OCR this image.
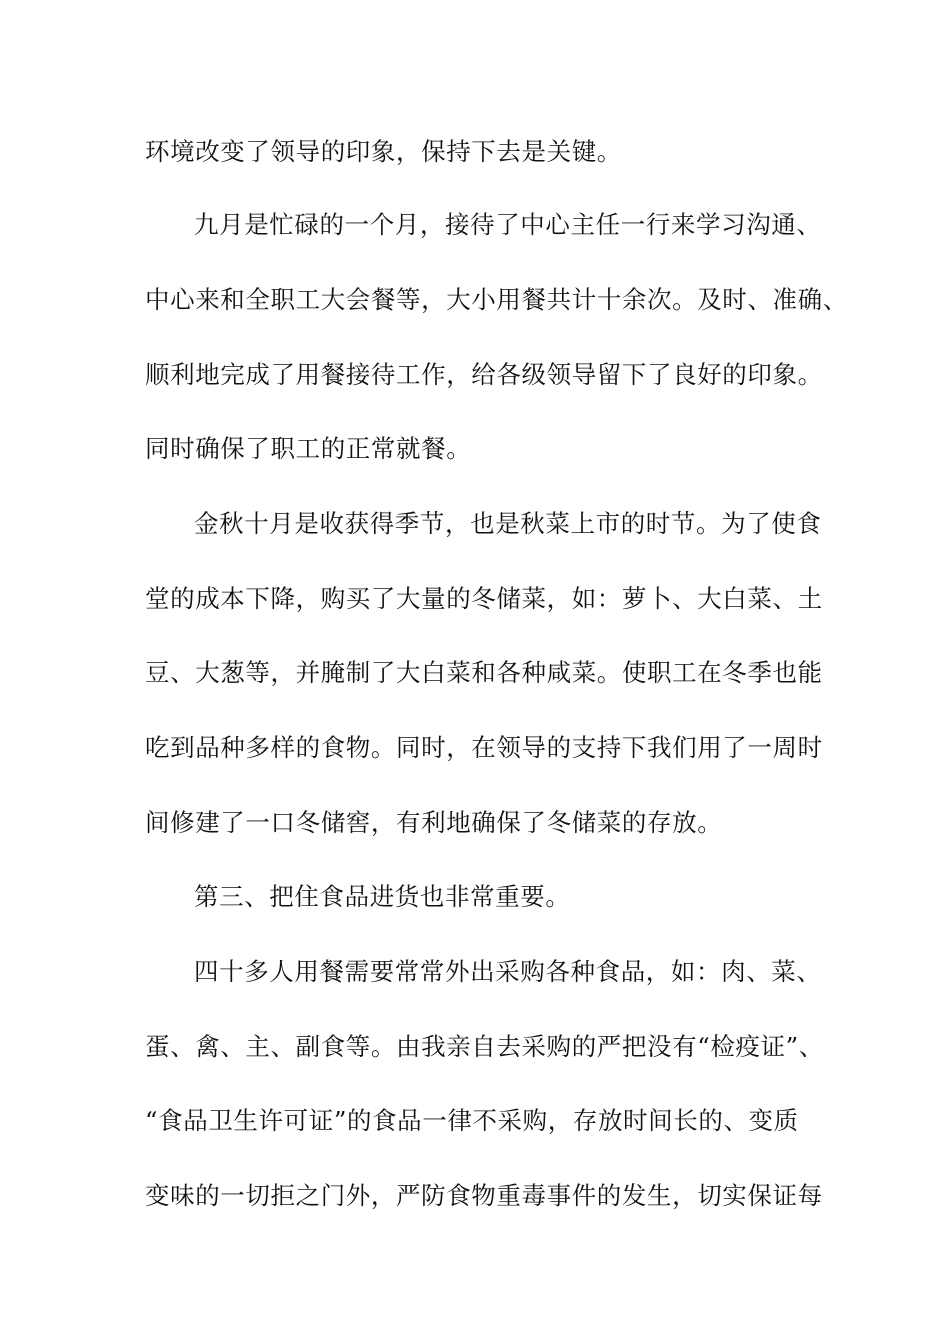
环境改变了领导的印象，保持下去是关键。
九月是忙碌的一个月，接待了中心主任一行来学习沟通、
中心来和全职工大会餐等，大小用餐共计十余次。及时、准确、
顺利地完成了用餐接待工作，给各级领导留下了良好的印象。
同时确保了职工的正常就餐。
金秋十月是收获得季节，也是秋菜上市的时节。为了使食
堂的成本下降，购买了大量的冬储菜，如：萝卜、大白菜、土
豆、大葱等，并腌制了大白菜和各种咸菜。使职工在冬季也能
吃到品种多样的食物。同时，在领导的支持下我们用了一周时
间修建了一口冬储窖，有利地确保了冬储菜的存放。
第三、把住食品进货也非常重要。
四十多人用餐需要常常外出采购各种食品，如：肉、菜、
蛋、禽、主、副食等。由我亲自去采购的严把没有“检疫证”、
“食品卫生许可证”的食品一律不采购，存放时间长的、变质
变味的一切拒之门外，严防食物重毒事件的发生，切实保证每
